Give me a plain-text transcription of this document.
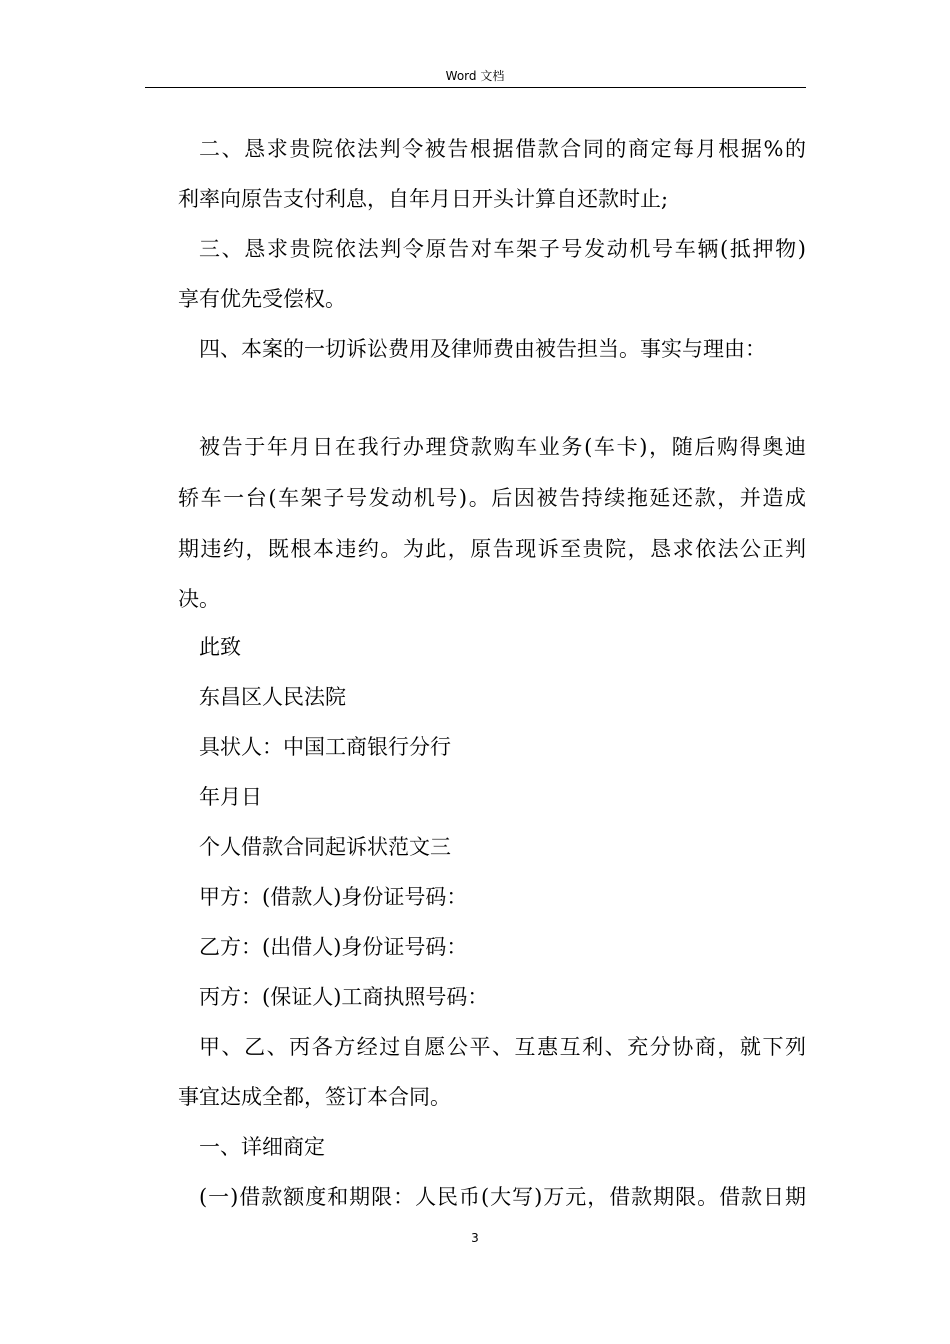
Word 文档
二、恳求贵院依法判令被告根据借款合同的商定每月根据%的
利率向原告支付利息，自年月日开头计算自还款时止;
三、恳求贵院依法判令原告对车架子号发动机号车辆(抵押物)
享有优先受偿权。
四、本案的一切诉讼费用及律师费由被告担当。事实与理由：
被告于年月日在我行办理贷款购车业务(车卡)，随后购得奥迪
轿车一台(车架子号发动机号)。后因被告持续拖延还款，并造成
期违约，既根本违约。为此，原告现诉至贵院，恳求依法公正判
决。
此致
东昌区人民法院
具状人：中国工商银行分行
年月日
个人借款合同起诉状范文三
甲方：(借款人)身份证号码：
乙方：(出借人)身份证号码：
丙方：(保证人)工商执照号码：
甲、乙、丙各方经过自愿公平、互惠互利、充分协商，就下列
事宜达成全都，签订本合同。
一、详细商定
(一)借款额度和期限：人民币(大写)万元，借款期限。借款日期
3
